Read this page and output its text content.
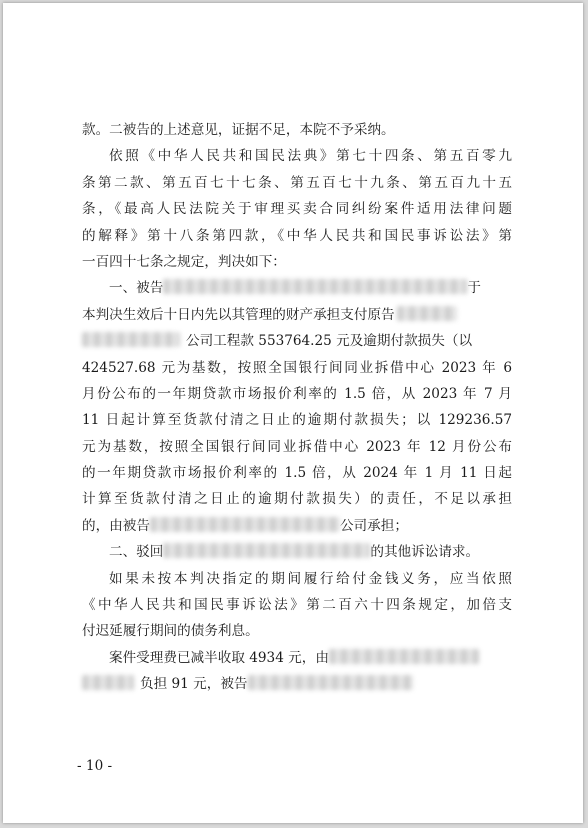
款。二被告的上述意见，证据不足，本院不予采纳。
依照《中华人民共和国民法典》第七十四条、第五百零九
条第二款、第五百七十七条、第五百七十九条、第五百九十五
条，《最高人民法院关于审理买卖合同纠纷案件适用法律问题
的解释》第十八条第四款，《中华人民共和国民事诉讼法》第
一百四十七条之规定，判决如下：
一、被告	于
本判决生效后十日内先以其管理的财产承担支付原告
公司工程款 553764.25 元及逾期付款损失（以
424527.68 元为基数，按照全国银行间同业拆借中心 2023 年 6
月份公布的一年期贷款市场报价利率的 1.5 倍，从 2023 年 7 月
11 日起计算至货款付清之日止的逾期付款损失；以 129236.57
元为基数，按照全国银行间同业拆借中心 2023 年 12 月份公布
的一年期贷款市场报价利率的 1.5 倍，从 2024 年 1 月 11 日起
计算至货款付清之日止的逾期付款损失）的责任，不足以承担
的，由被告	公司承担；
二、驳回	的其他诉讼请求。
如果未按本判决指定的期间履行给付金钱义务，应当依照
《中华人民共和国民事诉讼法》第二百六十四条规定，加倍支
付迟延履行期间的债务利息。
案件受理费已减半收取 4934 元，由
负担 91 元，被告
- 10 -
